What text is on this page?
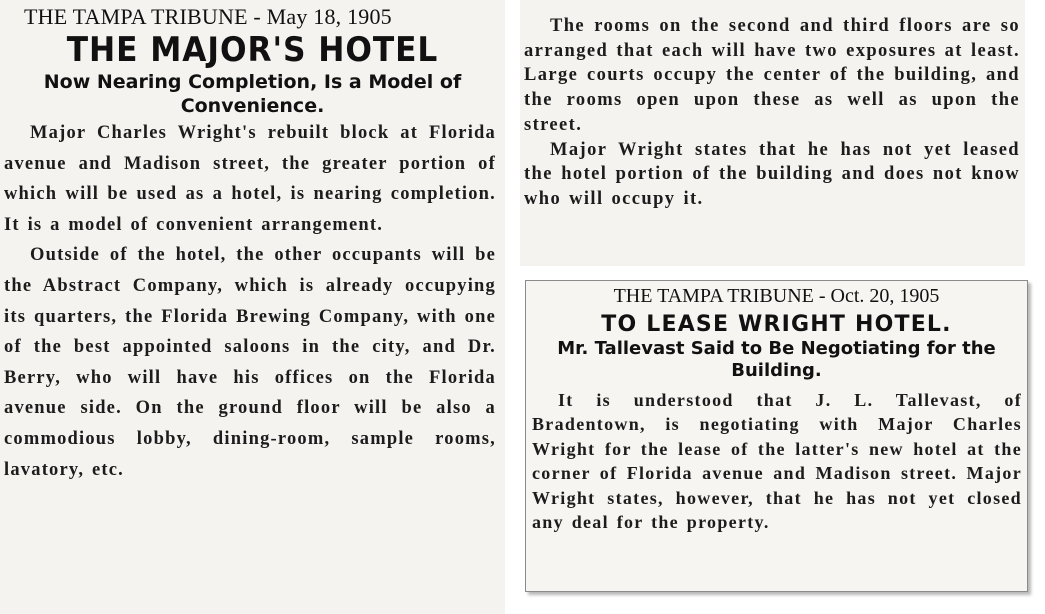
THE TAMPA TRIBUNE - May 18, 1905
THE MAJOR'S HOTEL
Now Nearing Completion, Is a Model of Convenience.

Major Charles Wright's rebuilt block at Florida avenue and Madison street, the greater portion of which will be used as a hotel, is nearing completion. It is a model of convenient arrangement.

Outside of the hotel, the other occupants will be the Abstract Company, which is already occupying its quarters, the Florida Brewing Company, with one of the best appointed saloons in the city, and Dr. Berry, who will have his offices on the Florida avenue side. On the ground floor will be also a commodious lobby, dining-room, sample rooms, lavatory, etc.

The rooms on the second and third floors are so arranged that each will have two exposures at least. Large courts occupy the center of the building, and the rooms open upon these as well as upon the street.

Major Wright states that he has not yet leased the hotel portion of the building and does not know who will occupy it.

THE TAMPA TRIBUNE - Oct. 20, 1905
TO LEASE WRIGHT HOTEL.
Mr. Tallevast Said to Be Negotiating for the Building.

It is understood that J. L. Tallevast, of Bradentown, is negotiating with Major Charles Wright for the lease of the latter's new hotel at the corner of Florida avenue and Madison street. Major Wright states, however, that he has not yet closed any deal for the property.
